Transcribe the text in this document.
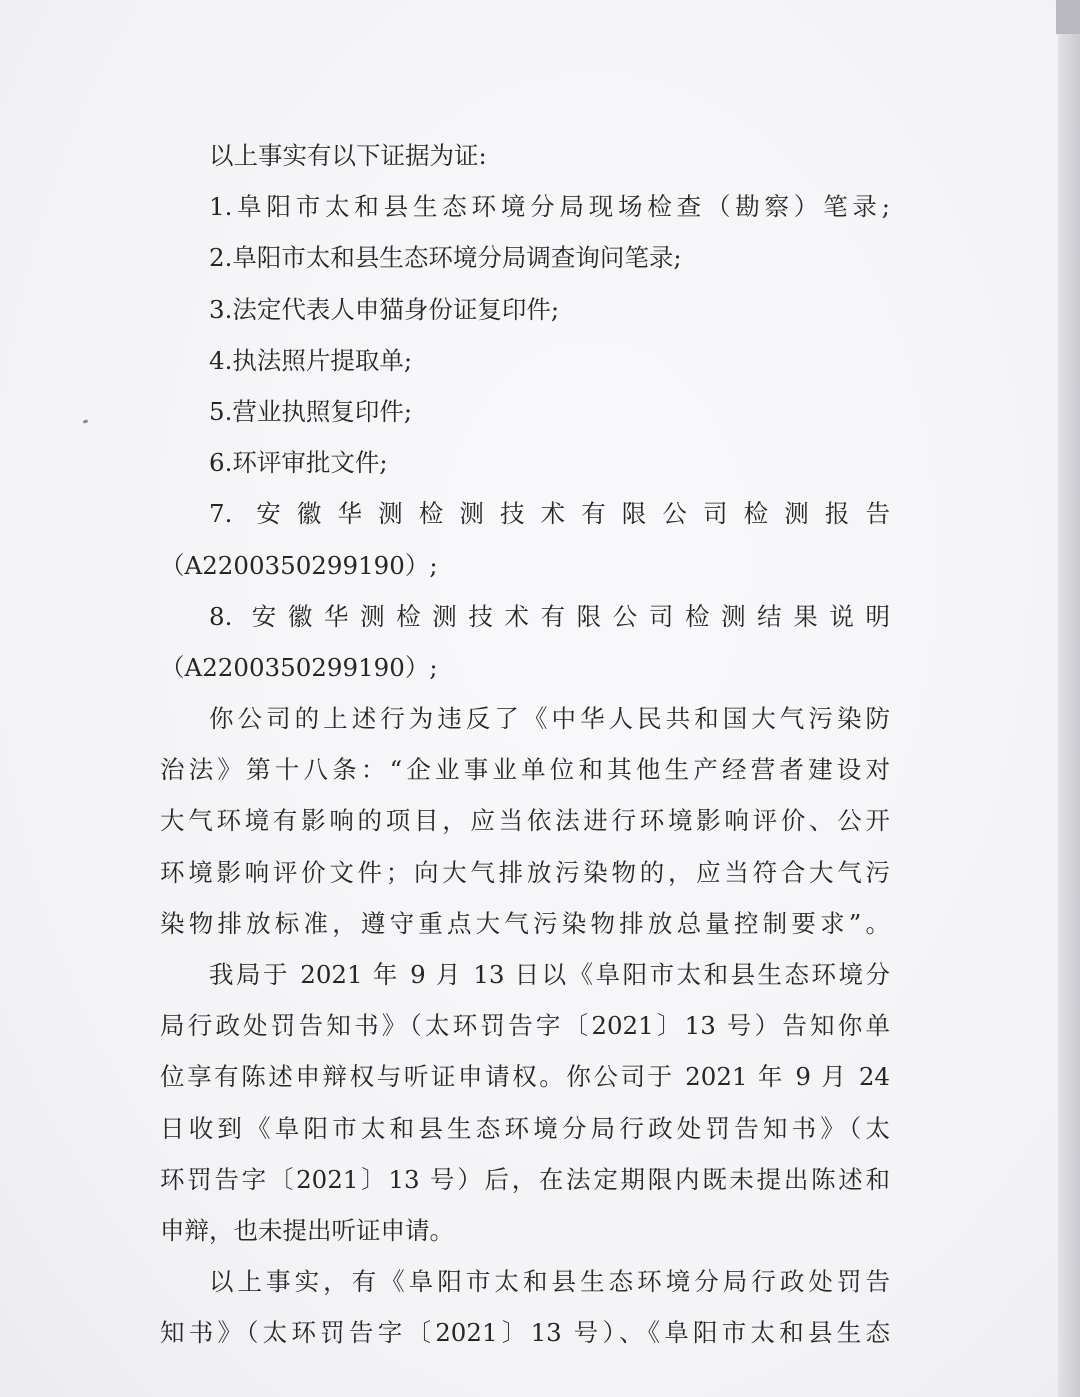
以上事实有以下证据为证:
1.阜阳市太和县生态环境分局现场检查（勘察）笔录;
2.阜阳市太和县生态环境分局调查询问笔录;
3.法定代表人申猫身份证复印件;
4.执法照片提取单;
5.营业执照复印件;
6.环评审批文件;
7. 安徽华测检测技术有限公司检测报告
（A2200350299190）;
8. 安徽华测检测技术有限公司检测结果说明
（A2200350299190）;
你公司的上述行为违反了《中华人民共和国大气污染防
治法》第十八条：“企业事业单位和其他生产经营者建设对
大气环境有影响的项目，应当依法进行环境影响评价、公开
环境影响评价文件；向大气排放污染物的，应当符合大气污
染物排放标准，遵守重点大气污染物排放总量控制要求”。
我局于 2021 年 9 月 13 日以《阜阳市太和县生态环境分
局行政处罚告知书》（太环罚告字〔2021〕13 号）告知你单
位享有陈述申辩权与听证申请权。你公司于 2021 年 9 月 24
日收到《阜阳市太和县生态环境分局行政处罚告知书》（太
环罚告字〔2021〕13 号）后，在法定期限内既未提出陈述和
申辩，也未提出听证申请。
以上事实，有《阜阳市太和县生态环境分局行政处罚告
知书》（太环罚告字〔2021〕13 号）、《阜阳市太和县生态
